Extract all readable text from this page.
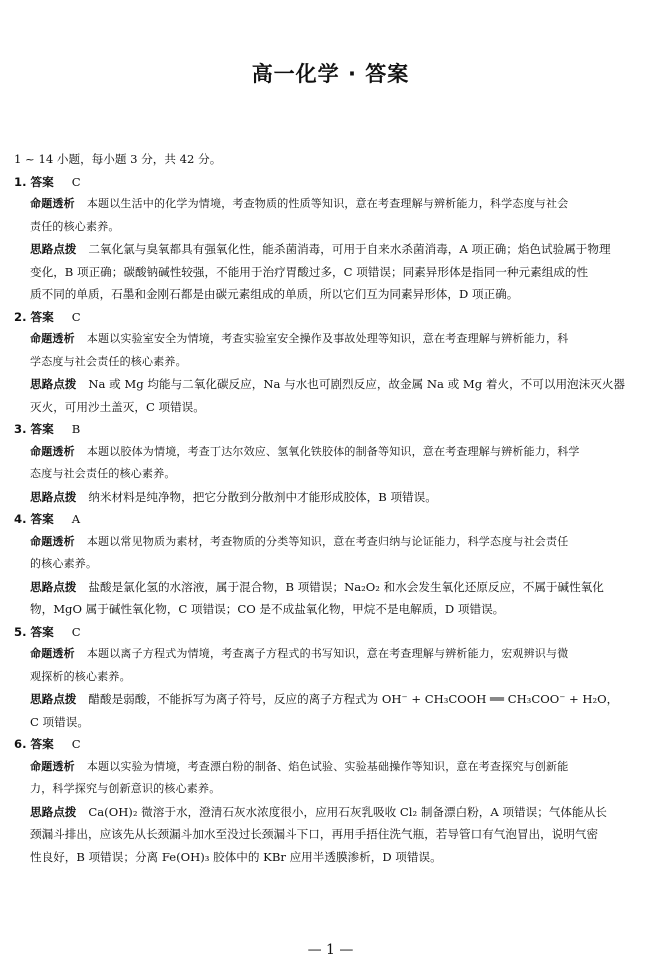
高一化学 · 答案

1 ~ 14 小题，每小题 3 分，共 42 分。

1. 答案 C

命题透析 本题以生活中的化学为情境，考查物质的性质等知识，意在考查理解与辨析能力，科学态度与社会

责任的核心素养。

思路点拨 二氧化氯与臭氧都具有强氧化性，能杀菌消毒，可用于自来水杀菌消毒，A 项正确；焰色试验属于物理

变化，B 项正确；碳酸钠碱性较强，不能用于治疗胃酸过多，C 项错误；同素异形体是指同一种元素组成的性

质不同的单质，石墨和金刚石都是由碳元素组成的单质，所以它们互为同素异形体，D 项正确。

2. 答案 C

命题透析 本题以实验室安全为情境，考查实验室安全操作及事故处理等知识，意在考查理解与辨析能力，科

学态度与社会责任的核心素养。

思路点拨 Na 或 Mg 均能与二氧化碳反应，Na 与水也可剧烈反应，故金属 Na 或 Mg 着火，不可以用泡沫灭火器

灭火，可用沙土盖灭，C 项错误。

3. 答案 B

命题透析 本题以胶体为情境，考查丁达尔效应、氢氧化铁胶体的制备等知识，意在考查理解与辨析能力，科学

态度与社会责任的核心素养。

思路点拨 纳米材料是纯净物，把它分散到分散剂中才能形成胶体，B 项错误。

4. 答案 A

命题透析 本题以常见物质为素材，考查物质的分类等知识，意在考查归纳与论证能力，科学态度与社会责任

的核心素养。

思路点拨 盐酸是氯化氢的水溶液，属于混合物，B 项错误；Na₂O₂ 和水会发生氧化还原反应，不属于碱性氧化

物，MgO 属于碱性氧化物，C 项错误；CO 是不成盐氧化物，甲烷不是电解质，D 项错误。

5. 答案 C

命题透析 本题以离子方程式为情境，考查离子方程式的书写知识，意在考查理解与辨析能力，宏观辨识与微

观探析的核心素养。

思路点拨 醋酸是弱酸，不能拆写为离子符号，反应的离子方程式为 OH⁻ + CH₃COOH ══ CH₃COO⁻ + H₂O，

C 项错误。

6. 答案 C

命题透析 本题以实验为情境，考查漂白粉的制备、焰色试验、实验基础操作等知识，意在考查探究与创新能

力，科学探究与创新意识的核心素养。

思路点拨 Ca(OH)₂ 微溶于水，澄清石灰水浓度很小，应用石灰乳吸收 Cl₂ 制备漂白粉，A 项错误；气体能从长

颈漏斗排出，应该先从长颈漏斗加水至没过长颈漏斗下口，再用手捂住洗气瓶，若导管口有气泡冒出，说明气密

性良好，B 项错误；分离 Fe(OH)₃ 胶体中的 KBr 应用半透膜渗析，D 项错误。

— 1 —
